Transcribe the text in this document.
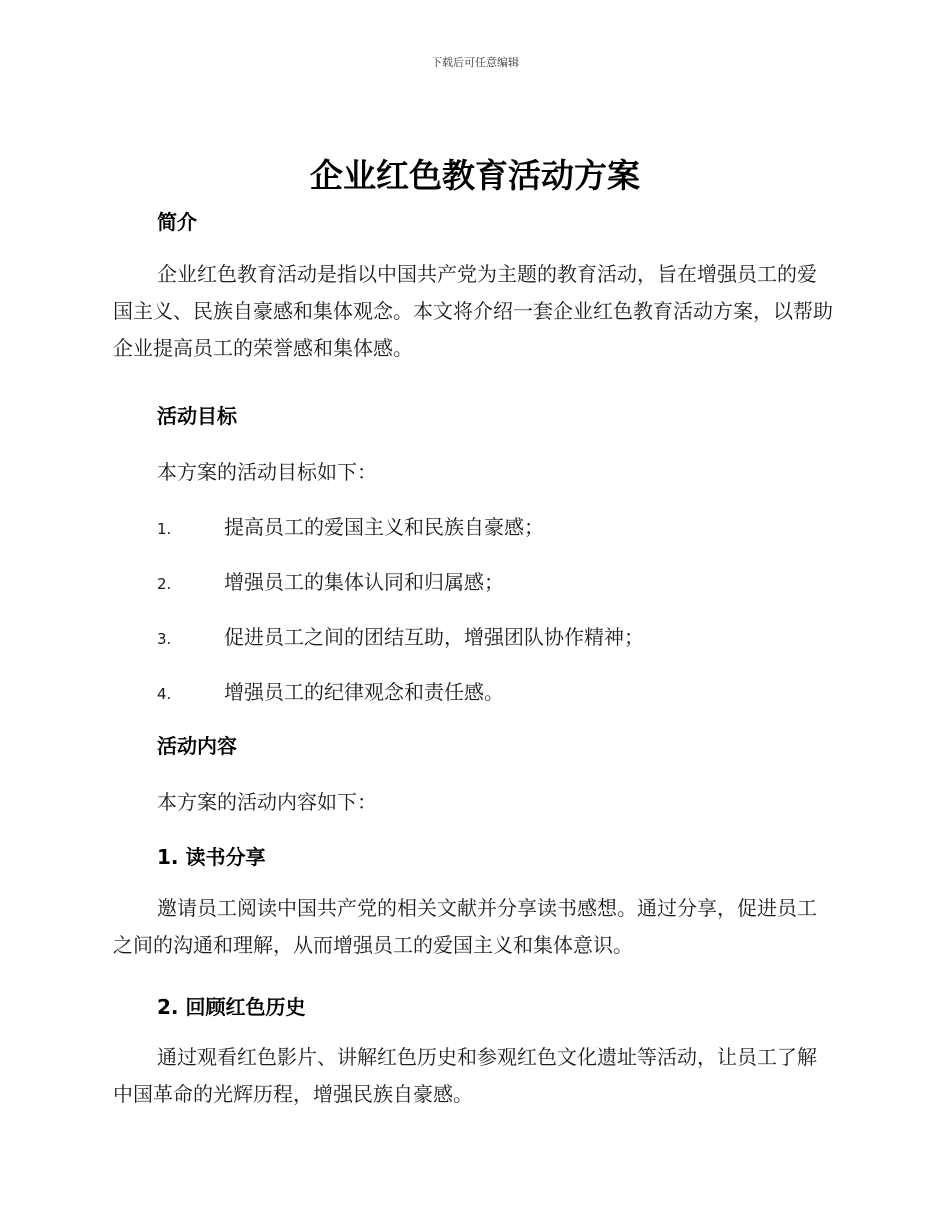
下载后可任意编辑
企业红色教育活动方案
简介

企业红色教育活动是指以中国共产党为主题的教育活动，旨在增强员工的爱国主义、民族自豪感和集体观念。本文将介绍一套企业红色教育活动方案，以帮助企业提高员工的荣誉感和集体感。

活动目标

本方案的活动目标如下：

1.	提高员工的爱国主义和民族自豪感；
2.	增强员工的集体认同和归属感；
3.	促进员工之间的团结互助，增强团队协作精神；
4.	增强员工的纪律观念和责任感。
活动内容

本方案的活动内容如下：

1. 读书分享

邀请员工阅读中国共产党的相关文献并分享读书感想。通过分享，促进员工之间的沟通和理解，从而增强员工的爱国主义和集体意识。

2. 回顾红色历史

通过观看红色影片、讲解红色历史和参观红色文化遗址等活动，让员工了解中国革命的光辉历程，增强民族自豪感。
